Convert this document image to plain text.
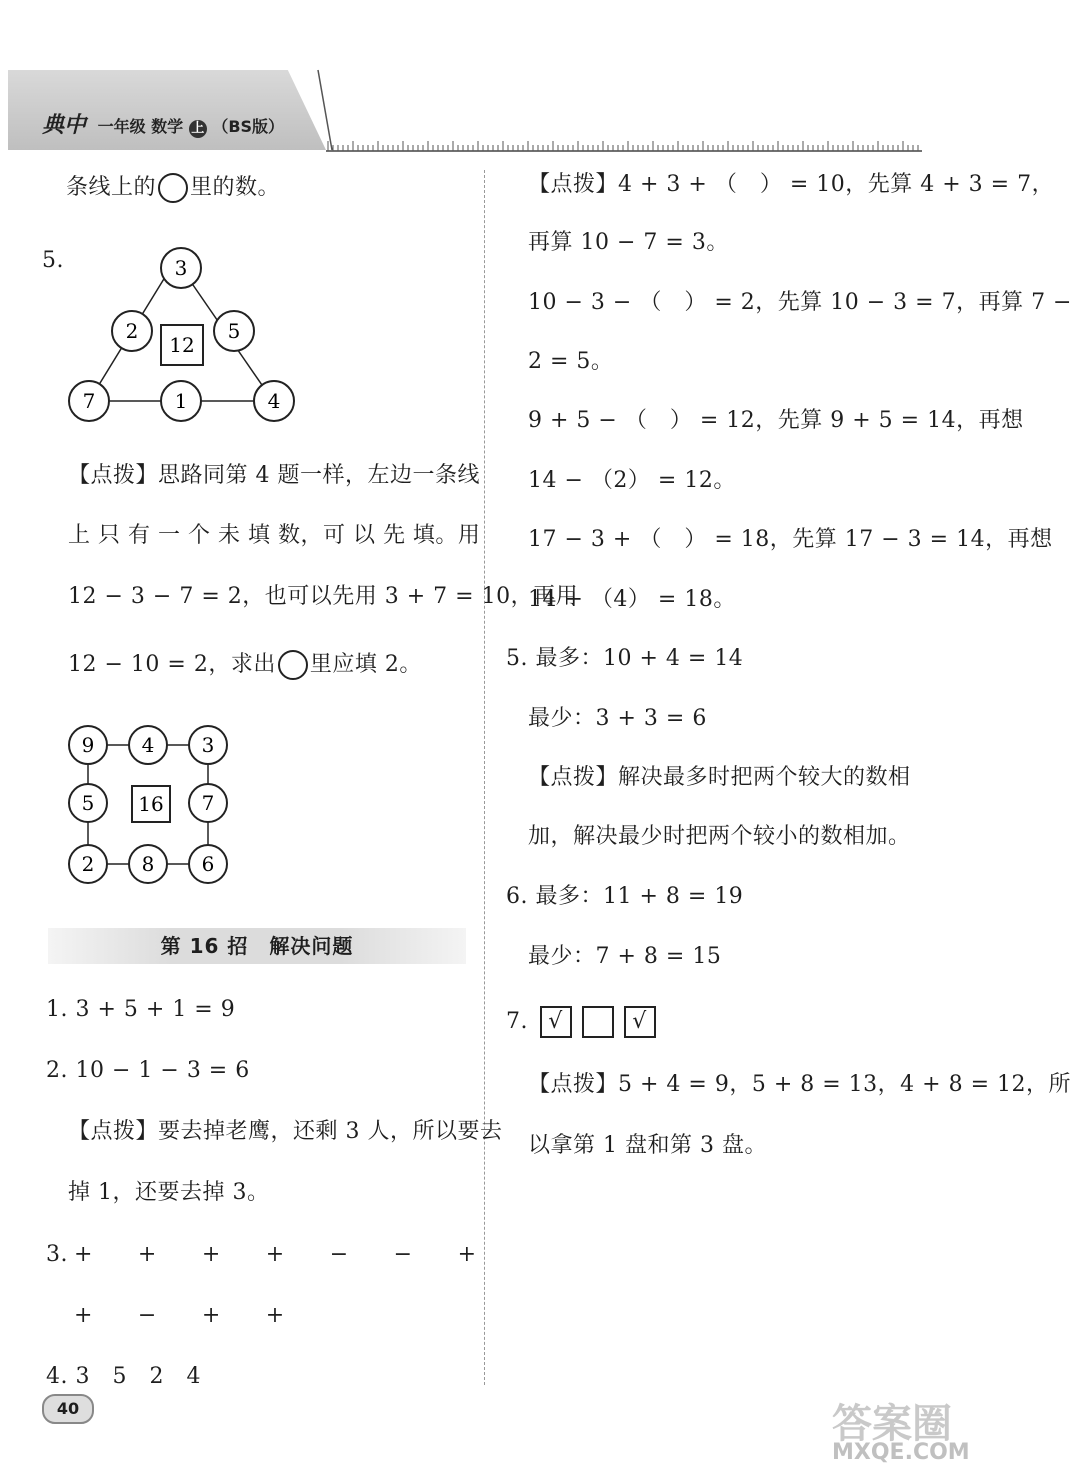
典中 一年级 数学 上 （BS版）
条线上的 里的数。
5.	3
2	5
7	1	4
12
【点拨】思路同第 4 题一样，左边一条线
上 只 有 一 个 未 填 数，可 以 先 填。用
12 − 3 − 7 = 2，也可以先用 3 + 7 = 10，再用
12 − 10 = 2，求出 里应填 2。
9 4 3
5	7
2 8 6
16
第 16 招　解决问题
1. 3 + 5 + 1 = 9
2. 10 − 1 − 3 = 6
【点拨】要去掉老鹰，还剩 3 人，所以要去
掉 1，还要去掉 3。
3. +　　+　　+　　+　　−　　−　　+
+　　−　　+　　+
4. 3　5　2　4
40
【点拨】4 + 3 + （　） = 10，先算 4 + 3 = 7，
再算 10 − 7 = 3。
10 − 3 − （　） = 2，先算 10 − 3 = 7，再算 7 −
2 = 5。
9 + 5 − （　） = 12，先算 9 + 5 = 14，再想
14 − （2） = 12。
17 − 3 + （　） = 18，先算 17 − 3 = 14，再想
14 + （4） = 18。
5. 最多：10 + 4 = 14
最少：3 + 3 = 6
【点拨】解决最多时把两个较大的数相
加，解决最少时把两个较小的数相加。
6. 最多：11 + 8 = 19
最少：7 + 8 = 15
7. √	√
【点拨】5 + 4 = 9，5 + 8 = 13，4 + 8 = 12，所
以拿第 1 盘和第 3 盘。
答案圈
MXQE.COM
